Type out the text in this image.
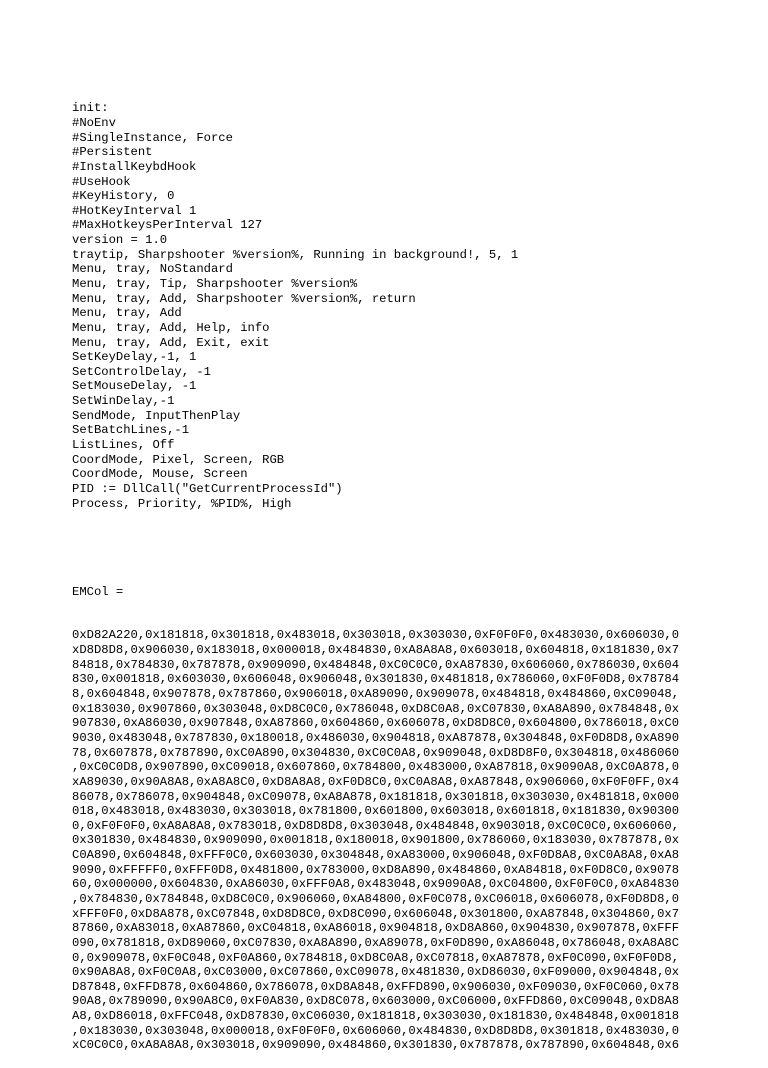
init:
#NoEnv
#SingleInstance, Force
#Persistent
#InstallKeybdHook
#UseHook
#KeyHistory, 0
#HotKeyInterval 1
#MaxHotkeysPerInterval 127
version = 1.0
traytip, Sharpshooter %version%, Running in background!, 5, 1
Menu, tray, NoStandard
Menu, tray, Tip, Sharpshooter %version%
Menu, tray, Add, Sharpshooter %version%, return
Menu, tray, Add
Menu, tray, Add, Help, info
Menu, tray, Add, Exit, exit
SetKeyDelay,-1, 1
SetControlDelay, -1
SetMouseDelay, -1
SetWinDelay,-1
SendMode, InputThenPlay
SetBatchLines,-1
ListLines, Off
CoordMode, Pixel, Screen, RGB
CoordMode, Mouse, Screen
PID := DllCall("GetCurrentProcessId")
Process, Priority, %PID%, High

EMCol =

0xD82A220,0x181818,0x301818,0x483018,0x303018,0x303030,0xF0F0F0,0x483030,0x606030,0
xD8D8D8,0x906030,0x183018,0x000018,0x484830,0xA8A8A8,0x603018,0x604818,0x181830,0x7
84818,0x784830,0x787878,0x909090,0x484848,0xC0C0C0,0xA87830,0x606060,0x786030,0x604
830,0x001818,0x603030,0x606048,0x906048,0x301830,0x481818,0x786060,0xF0F0D8,0x78784
8,0x604848,0x907878,0x787860,0x906018,0xA89090,0x909078,0x484818,0x484860,0xC09048,
0x183030,0x907860,0x303048,0xD8C0C0,0x786048,0xD8C0A8,0xC07830,0xA8A890,0x784848,0x
907830,0xA86030,0x907848,0xA87860,0x604860,0x606078,0xD8D8C0,0x604800,0x786018,0xC0
9030,0x483048,0x787830,0x180018,0x486030,0x904818,0xA87878,0x304848,0xF0D8D8,0xA890
78,0x607878,0x787890,0xC0A890,0x304830,0xC0C0A8,0x909048,0xD8D8F0,0x304818,0x486060
,0xC0C0D8,0x907890,0xC09018,0x607860,0x784800,0x483000,0xA87818,0x9090A8,0xC0A878,0
xA89030,0x90A8A8,0xA8A8C0,0xD8A8A8,0xF0D8C0,0xC0A8A8,0xA87848,0x906060,0xF0F0FF,0x4
86078,0x786078,0x904848,0xC09078,0xA8A878,0x181818,0x301818,0x303030,0x481818,0x000
018,0x483018,0x483030,0x303018,0x781800,0x601800,0x603018,0x601818,0x181830,0x90300
0,0xF0F0F0,0xA8A8A8,0x783018,0xD8D8D8,0x303048,0x484848,0x903018,0xC0C0C0,0x606060,
0x301830,0x484830,0x909090,0x001818,0x180018,0x901800,0x786060,0x183030,0x787878,0x
C0A890,0x604848,0xFFF0C0,0x603030,0x304848,0xA83000,0x906048,0xF0D8A8,0xC0A8A8,0xA8
9090,0xFFFFF0,0xFFF0D8,0x481800,0x783000,0xD8A890,0x484860,0xA84818,0xF0D8C0,0x9078
60,0x000000,0x604830,0xA86030,0xFFF0A8,0x483048,0x9090A8,0xC04800,0xF0F0C0,0xA84830
,0x784830,0x784848,0xD8C0C0,0x906060,0xA84800,0xF0C078,0xC06018,0x606078,0xF0D8D8,0
xFFF0F0,0xD8A878,0xC07848,0xD8D8C0,0xD8C090,0x606048,0x301800,0xA87848,0x304860,0x7
87860,0xA83018,0xA87860,0xC04818,0xA86018,0x904818,0xD8A860,0x904830,0x907878,0xFFF
090,0x781818,0xD89060,0xC07830,0xA8A890,0xA89078,0xF0D890,0xA86048,0x786048,0xA8A8C
0,0x909078,0xF0C048,0xF0A860,0x784818,0xD8C0A8,0xC07818,0xA87878,0xF0C090,0xF0F0D8,
0x90A8A8,0xF0C0A8,0xC03000,0xC07860,0xC09078,0x481830,0xD86030,0xF09000,0x904848,0x
D87848,0xFFD878,0x604860,0x786078,0xD8A848,0xFFD890,0x906030,0xF09030,0xF0C060,0x78
90A8,0x789090,0x90A8C0,0xF0A830,0xD8C078,0x603000,0xC06000,0xFFD860,0xC09048,0xD8A8
A8,0xD86018,0xFFC048,0xD87830,0xC06030,0x181818,0x303030,0x181830,0x484848,0x001818
,0x183030,0x303048,0x000018,0xF0F0F0,0x606060,0x484830,0xD8D8D8,0x301818,0x483030,0
xC0C0C0,0xA8A8A8,0x303018,0x909090,0x484860,0x301830,0x787878,0x787890,0x604848,0x6
